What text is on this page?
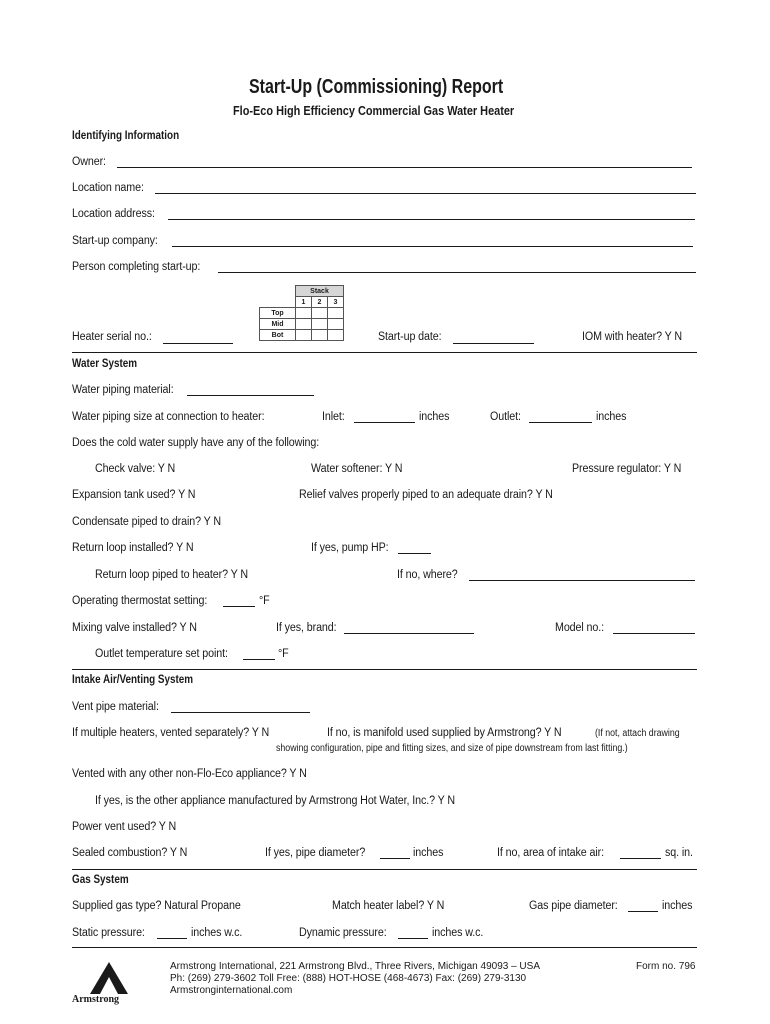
Start-Up (Commissioning) Report
Flo-Eco High Efficiency Commercial Gas Water Heater
Identifying Information
Owner:
Location name:
Location address:
Start-up company:
Person completing start-up:
	Stack		
	1	2	3
Top			
Mid			
Bot			
Heater serial no.:	Start-up date:	IOM with heater? Y N
Water System
Water piping material:
Water piping size at connection to heater:	Inlet:	inches	Outlet:	inches
Does the cold water supply have any of the following:
Check valve: Y N	Water softener: Y N	Pressure regulator: Y N
Expansion tank used? Y N	Relief valves properly piped to an adequate drain? Y N
Condensate piped to drain? Y N
Return loop installed? Y N	If yes, pump HP:
Return loop piped to heater? Y N	If no, where?
Operating thermostat setting:	°F
Mixing valve installed? Y N	If yes, brand:	Model no.:
Outlet temperature set point:	°F
Intake Air/Venting System
Vent pipe material:
If multiple heaters, vented separately? Y N	If no, is manifold used supplied by Armstrong? Y N	(If not, attach drawing
showing configuration, pipe and fitting sizes, and size of pipe downstream from last fitting.)
Vented with any other non-Flo-Eco appliance? Y N
If yes, is the other appliance manufactured by Armstrong Hot Water, Inc.? Y N
Power vent used? Y N
Sealed combustion? Y N	If yes, pipe diameter?	inches	If no, area of intake air:	sq. in.
Gas System
Supplied gas type? Natural Propane	Match heater label? Y N	Gas pipe diameter:	inches
Static pressure:	inches w.c.	Dynamic pressure:	inches w.c.
Armstrong
Armstrong International, 221 Armstrong Blvd., Three Rivers, Michigan 49093 – USA
Ph: (269) 279-3602 Toll Free: (888) HOT-HOSE (468-4673) Fax: (269) 279-3130
Armstronginternational.com
Form no. 796
